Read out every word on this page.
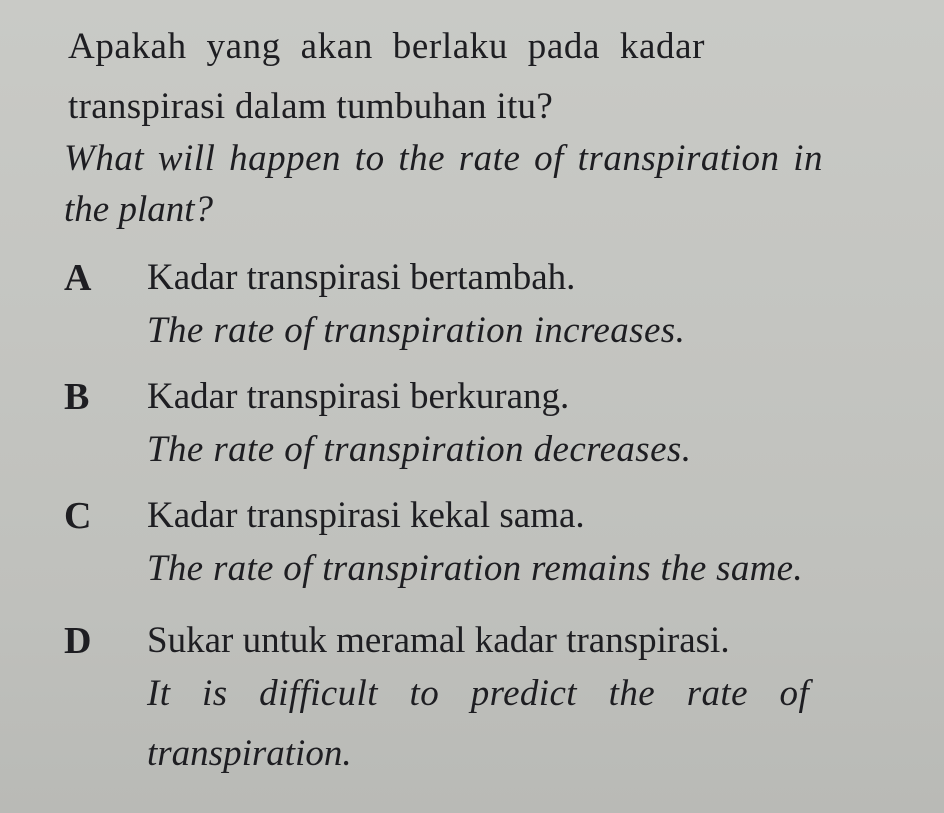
Apakah yang akan berlaku pada kadar
transpirasi dalam tumbuhan itu?
What will happen to the rate of transpiration in
the plant?
A Kadar transpirasi bertambah.
The rate of transpiration increases.
B Kadar transpirasi berkurang.
The rate of transpiration decreases.
C Kadar transpirasi kekal sama.
The rate of transpiration remains the same.
D Sukar untuk meramal kadar transpirasi.
It is difficult to predict the rate of
transpiration.
